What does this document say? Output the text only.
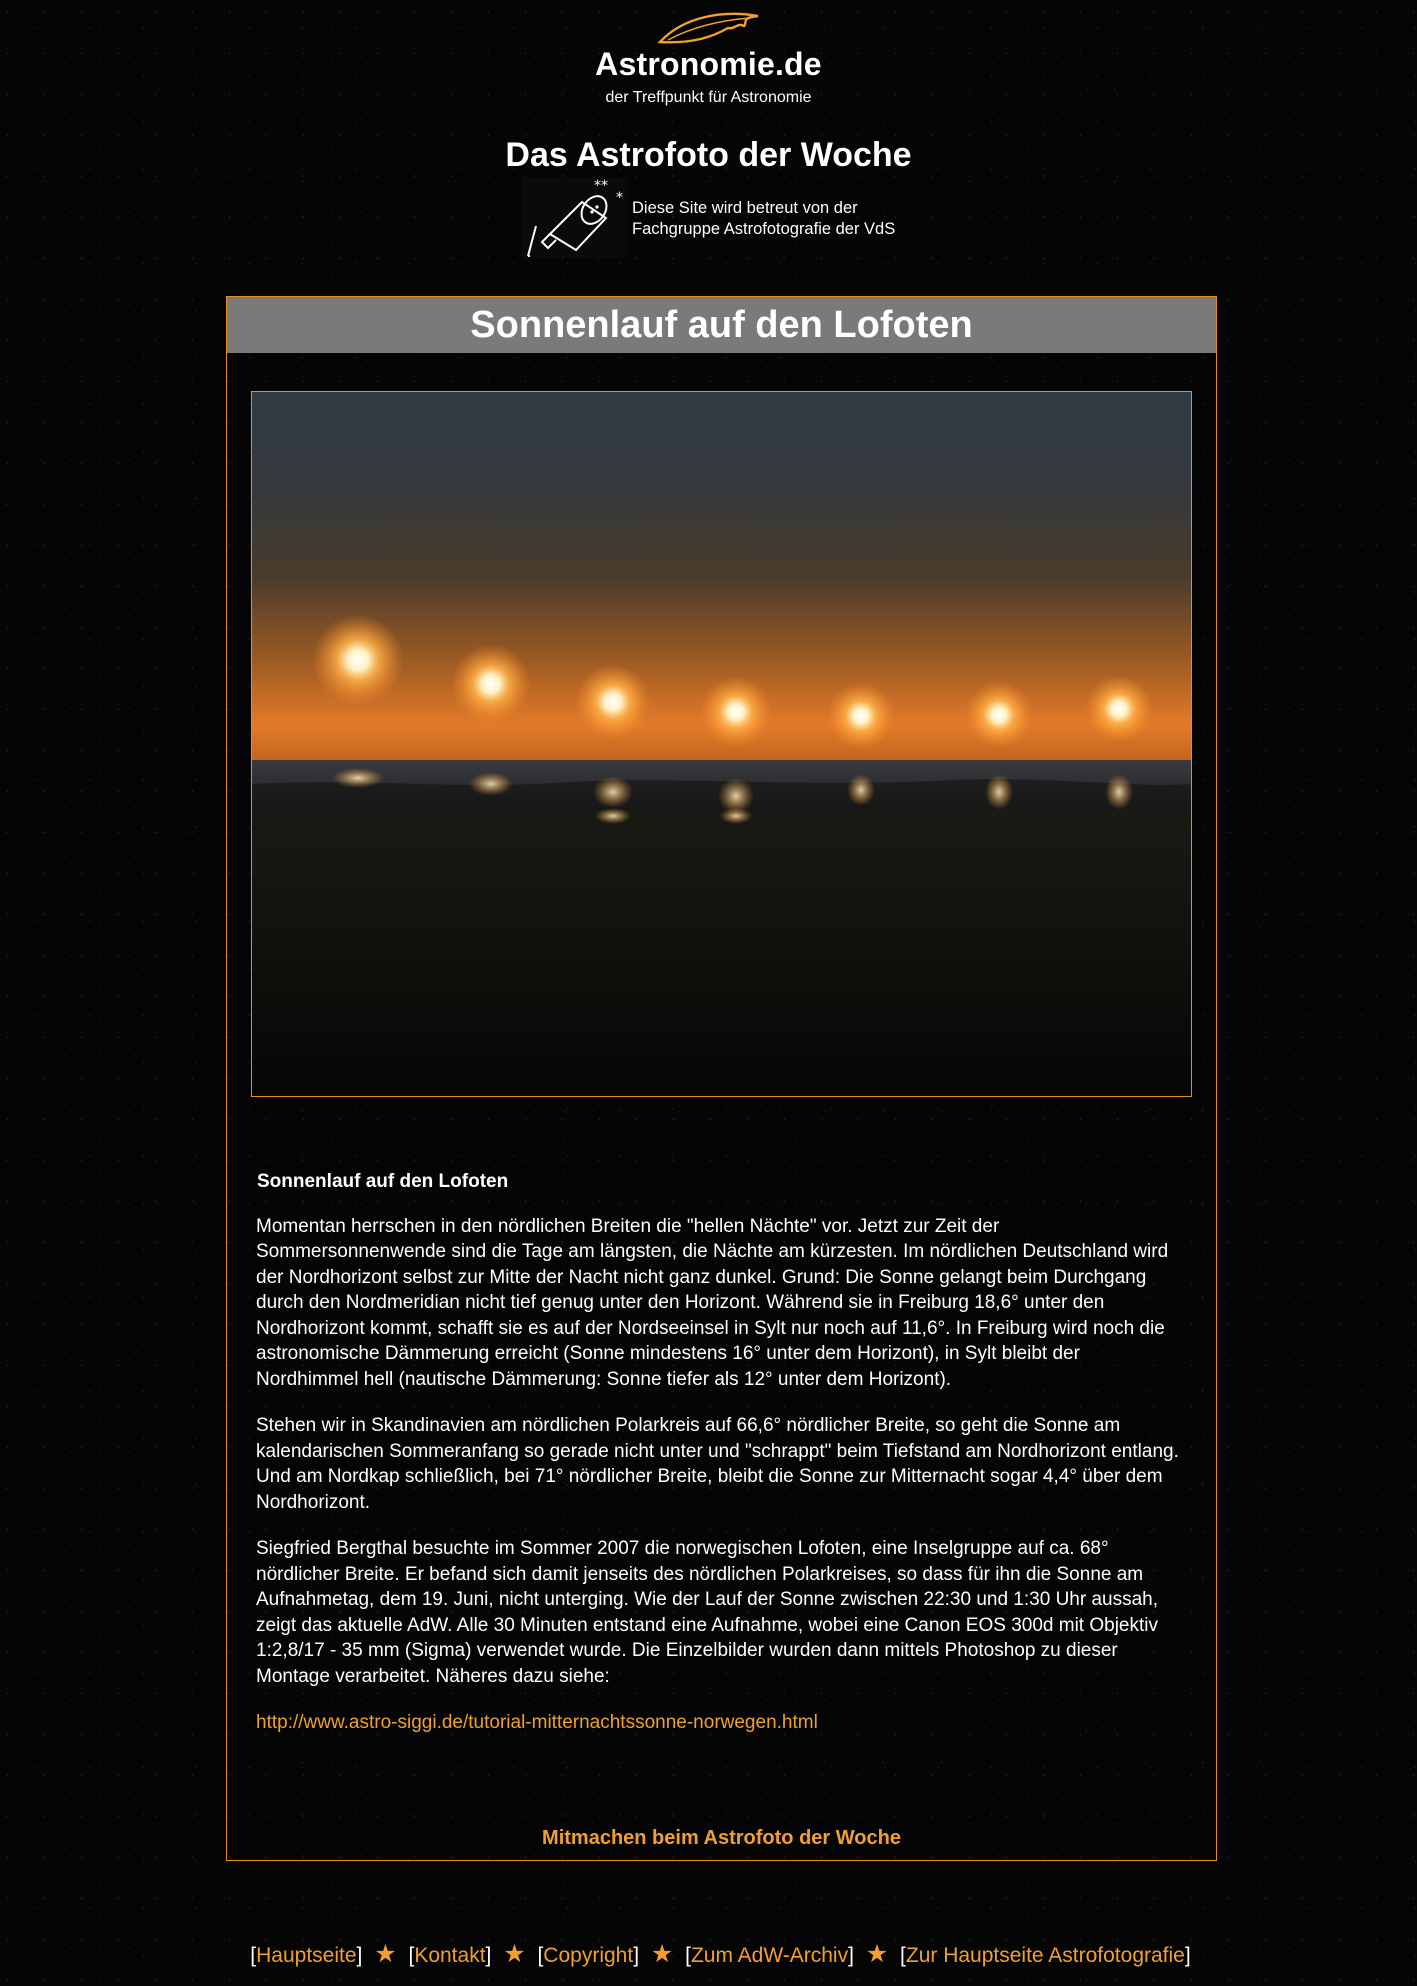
Astronomie.de
der Treffpunkt für Astronomie
Das Astrofoto der Woche
**
*
Diese Site wird betreut von der
Fachgruppe Astrofotografie der VdS
Sonnenlauf auf den Lofoten
Sonnenlauf auf den Lofoten

Momentan herrschen in den nördlichen Breiten die "hellen Nächte" vor. Jetzt zur Zeit der Sommersonnenwende sind die Tage am längsten, die Nächte am kürzesten. Im nördlichen Deutschland wird der Nordhorizont selbst zur Mitte der Nacht nicht ganz dunkel. Grund: Die Sonne gelangt beim Durchgang durch den Nordmeridian nicht tief genug unter den Horizont. Während sie in Freiburg 18,6° unter den Nordhorizont kommt, schafft sie es auf der Nordseeinsel in Sylt nur noch auf 11,6°. In Freiburg wird noch die astronomische Dämmerung erreicht (Sonne mindestens 16° unter dem Horizont), in Sylt bleibt der Nordhimmel hell (nautische Dämmerung: Sonne tiefer als 12° unter dem Horizont).

Stehen wir in Skandinavien am nördlichen Polarkreis auf 66,6° nördlicher Breite, so geht die Sonne am kalendarischen Sommeranfang so gerade nicht unter und "schrappt" beim Tiefstand am Nordhorizont entlang. Und am Nordkap schließlich, bei 71° nördlicher Breite, bleibt die Sonne zur Mitternacht sogar 4,4° über dem Nordhorizont.

Siegfried Bergthal besuchte im Sommer 2007 die norwegischen Lofoten, eine Inselgruppe auf ca. 68° nördlicher Breite. Er befand sich damit jenseits des nördlichen Polarkreises, so dass für ihn die Sonne am Aufnahmetag, dem 19. Juni, nicht unterging. Wie der Lauf der Sonne zwischen 22:30 und 1:30 Uhr aussah, zeigt das aktuelle AdW. Alle 30 Minuten entstand eine Aufnahme, wobei eine Canon EOS 300d mit Objektiv 1:2,8/17 - 35 mm (Sigma) verwendet wurde. Die Einzelbilder wurden dann mittels Photoshop zu dieser Montage verarbeitet. Näheres dazu siehe:

http://www.astro-siggi.de/tutorial-mitternachtssonne-norwegen.html

Mitmachen beim Astrofoto der Woche
[Hauptseite] ★ [Kontakt] ★ [Copyright] ★ [Zum AdW-Archiv] ★ [Zur Hauptseite Astrofotografie]
